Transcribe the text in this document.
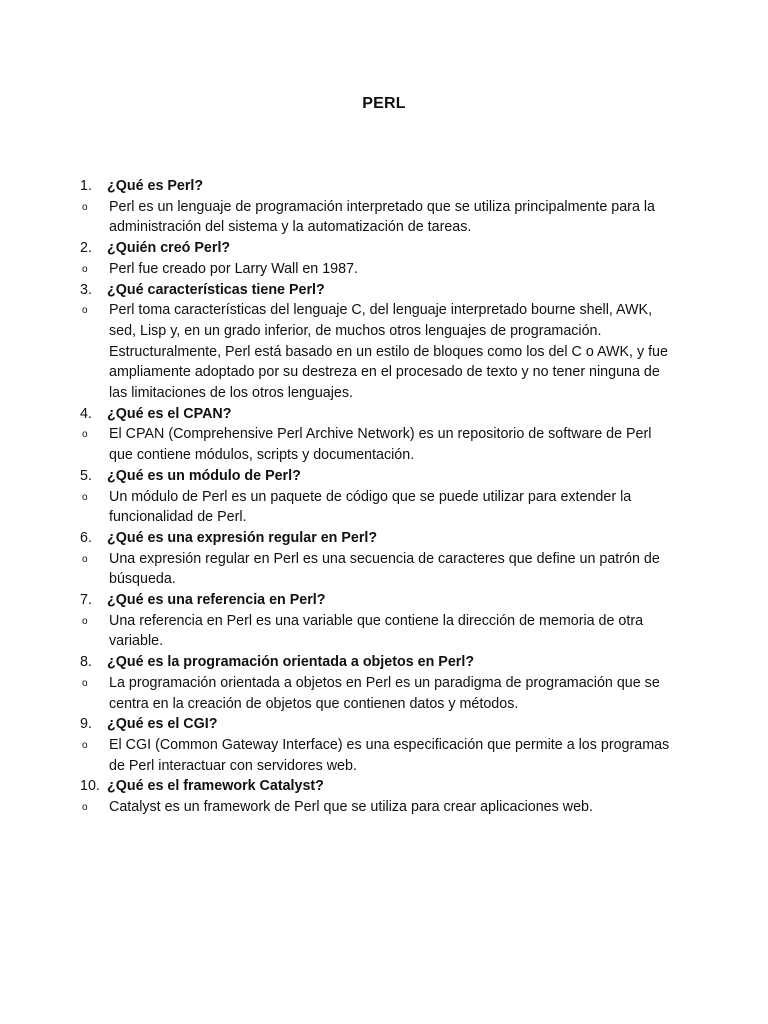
PERL
1.	¿Qué es Perl?
o	Perl es un lenguaje de programación interpretado que se utiliza principalmente para la administración del sistema y la automatización de tareas.
2.	¿Quién creó Perl?
o	Perl fue creado por Larry Wall en 1987.
3.	¿Qué características tiene Perl?
o	Perl toma características del lenguaje C, del lenguaje interpretado bourne shell, AWK, sed, Lisp y, en un grado inferior, de muchos otros lenguajes de programación. Estructuralmente, Perl está basado en un estilo de bloques como los del C o AWK, y fue ampliamente adoptado por su destreza en el procesado de texto y no tener ninguna de las limitaciones de los otros lenguajes.
4.	¿Qué es el CPAN?
o	El CPAN (Comprehensive Perl Archive Network) es un repositorio de software de Perl que contiene módulos, scripts y documentación.
5.	¿Qué es un módulo de Perl?
o	Un módulo de Perl es un paquete de código que se puede utilizar para extender la funcionalidad de Perl.
6.	¿Qué es una expresión regular en Perl?
o	Una expresión regular en Perl es una secuencia de caracteres que define un patrón de búsqueda.
7.	¿Qué es una referencia en Perl?
o	Una referencia en Perl es una variable que contiene la dirección de memoria de otra variable.
8.	¿Qué es la programación orientada a objetos en Perl?
o	La programación orientada a objetos en Perl es un paradigma de programación que se centra en la creación de objetos que contienen datos y métodos.
9.	¿Qué es el CGI?
o	El CGI (Common Gateway Interface) es una especificación que permite a los programas de Perl interactuar con servidores web.
10. ¿Qué es el framework Catalyst?
o	Catalyst es un framework de Perl que se utiliza para crear aplicaciones web.
